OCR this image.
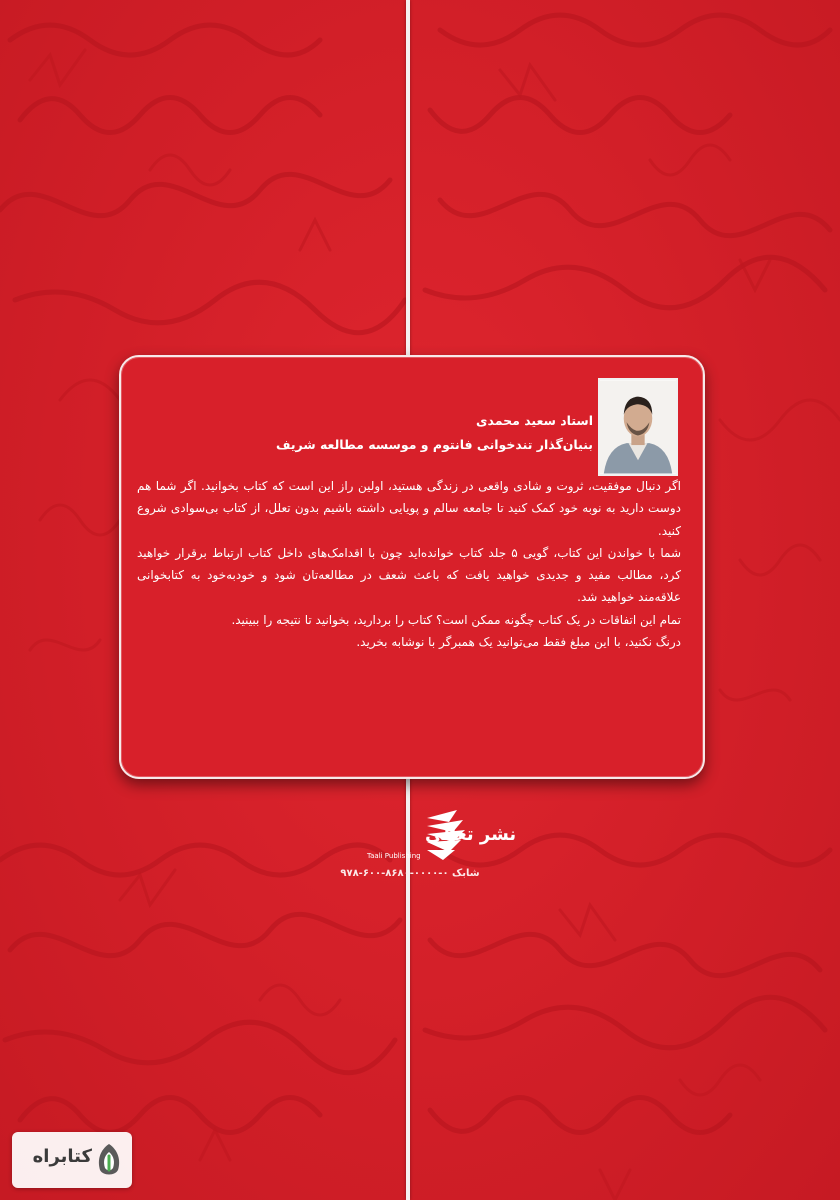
استاد سعید محمدی
بنیان‌گذار تندخوانی فانتوم و موسسه مطالعه شریف

اگر دنبال موفقیت، ثروت و شادی واقعی در زندگی هستید، اولین راز این است که کتاب بخوانید. اگر شما هم دوست دارید به نوبه خود کمک کنید تا جامعه سالم و پویایی داشته باشیم بدون تعلل، از کتاب بی‌سوادی شروع کنید.

شما با خواندن این کتاب، گویی ۵ جلد کتاب خوانده‌اید چون با اقدامک‌های داخل کتاب ارتباط برقرار خواهید کرد، مطالب مفید و جدیدی خواهید یافت که باعث شعف در مطالعه‌تان شود و خودبه‌خود به کتابخوانی علاقه‌مند خواهید شد.

تمام این اتفاقات در یک کتاب چگونه ممکن است؟ کتاب را بردارید، بخوانید تا نتیجه را ببینید.

درنگ نکنید، با این مبلغ فقط می‌توانید یک همبرگر با نوشابه بخرید.

نشر تعالی
Taali Publishing
شابک ۰-۰۰۰۰-۸۶۸۰-۶۰۰-۹۷۸
کتابراه
